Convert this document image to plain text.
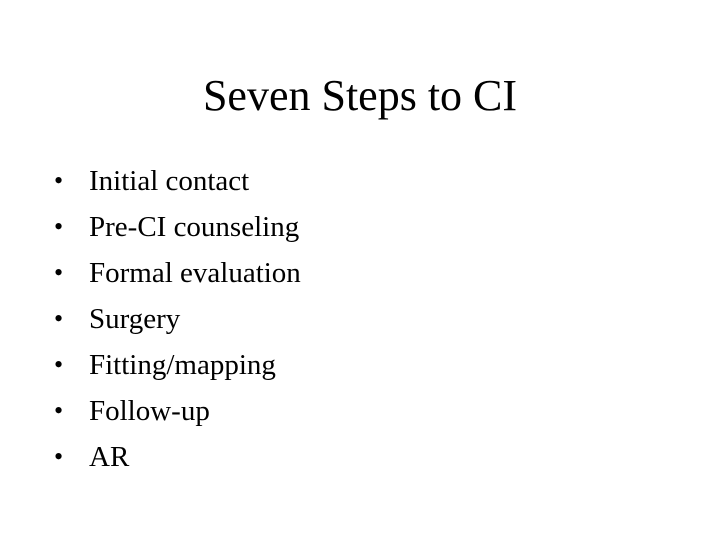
Seven Steps to CI
• Initial contact
• Pre-CI counseling
• Formal evaluation
• Surgery
• Fitting/mapping
• Follow-up
• AR
